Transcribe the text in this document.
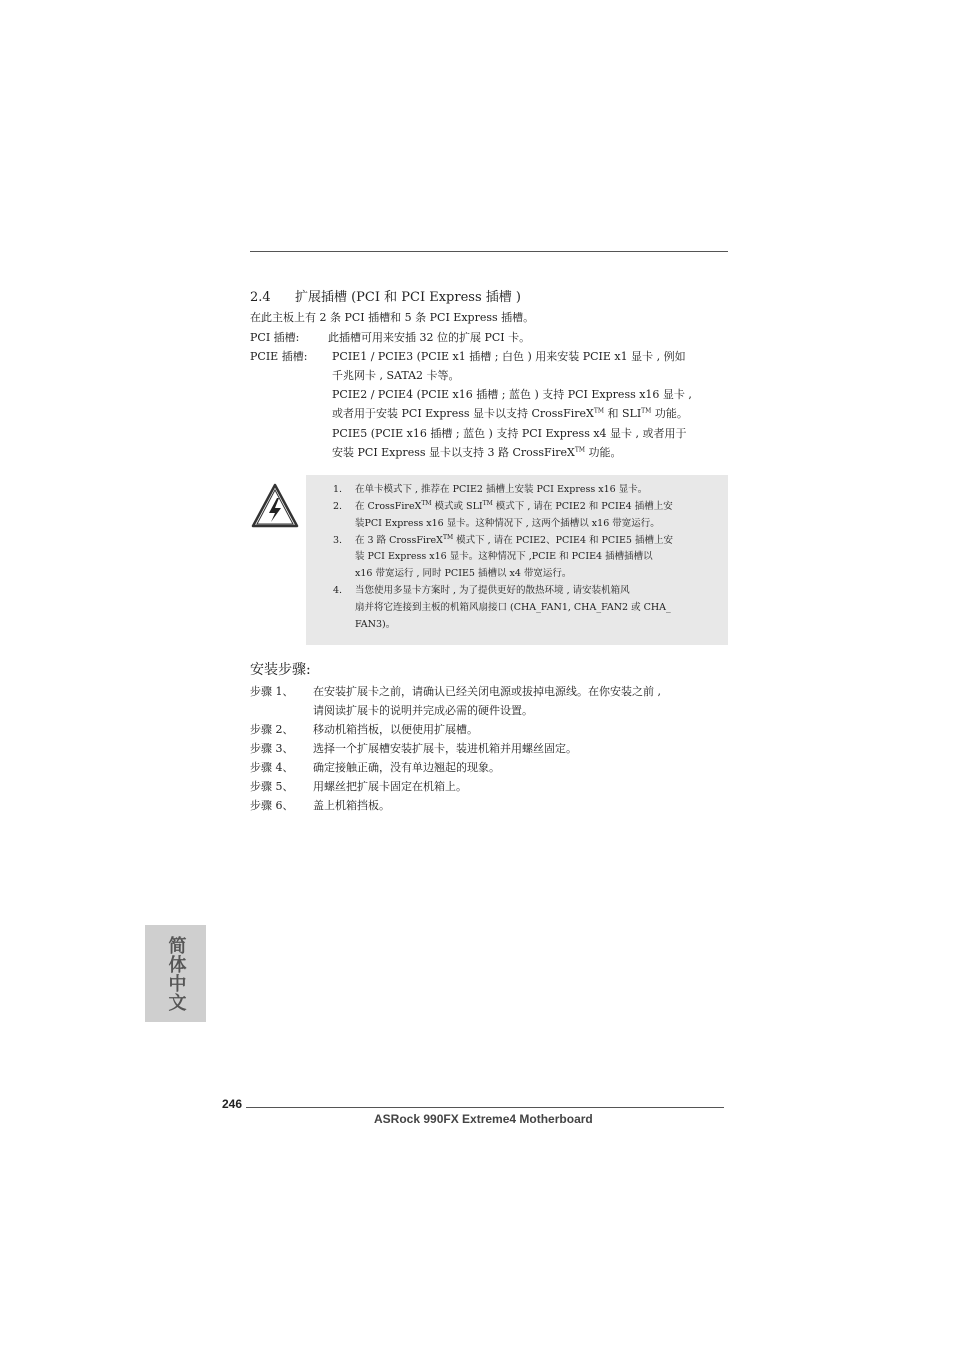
2.4 扩展插槽 (PCI 和 PCI Express 插槽 )
在此主板上有 2 条 PCI 插槽和 5 条 PCI Express 插槽。
PCI 插槽:	此插槽可用来安插 32 位的扩展 PCI 卡。
PCIE 插槽: PCIE1 / PCIE3 (PCIE x1 插槽 ; 白色 ) 用来安装 PCIE x1 显卡 , 例如
千兆网卡 , SATA2 卡等。
PCIE2 / PCIE4 (PCIE x16 插槽 ; 蓝色 ) 支持 PCI Express x16 显卡 ,
或者用于安装 PCI Express 显卡以支持 CrossFireX™ 和 SLI™ 功能。
PCIE5 (PCIE x16 插槽 ; 蓝色 ) 支持 PCI Express x4 显卡 , 或者用于
安装 PCI Express 显卡以支持 3 路 CrossFireX™ 功能。
1. 在单卡模式下 , 推荐在 PCIE2 插槽上安装 PCI Express x16 显卡。
2. 在 CrossFireX™ 模式或 SLI™ 模式下 , 请在 PCIE2 和 PCIE4 插槽上安
装PCI Express x16 显卡。这种情况下 , 这两个插槽以 x16 带宽运行。
3. 在 3 路 CrossFireX™ 模式下 , 请在 PCIE2、PCIE4 和 PCIE5 插槽上安
装 PCI Express x16 显卡。这种情况下 ,PCIE 和 PCIE4 插槽插槽以
x16 带宽运行 , 同时 PCIE5 插槽以 x4 带宽运行。
4. 当您使用多显卡方案时 , 为了提供更好的散热环境 , 请安装机箱风
扇并将它连接到主板的机箱风扇接口 (CHA_FAN1, CHA_FAN2 或 CHA_
FAN3)。
安装步骤:
步骤 1、 在安装扩展卡之前，请确认已经关闭电源或拔掉电源线。在你安装之前 ,
请阅读扩展卡的说明并完成必需的硬件设置。
步骤 2、 移动机箱挡板，以便使用扩展槽。
步骤 3、 选择一个扩展槽安装扩展卡，装进机箱并用螺丝固定。
步骤 4、 确定接触正确，没有单边翘起的现象。
步骤 5、 用螺丝把扩展卡固定在机箱上。
步骤 6、 盖上机箱挡板。
简体中文
246
ASRock 990FX Extreme4 Motherboard
